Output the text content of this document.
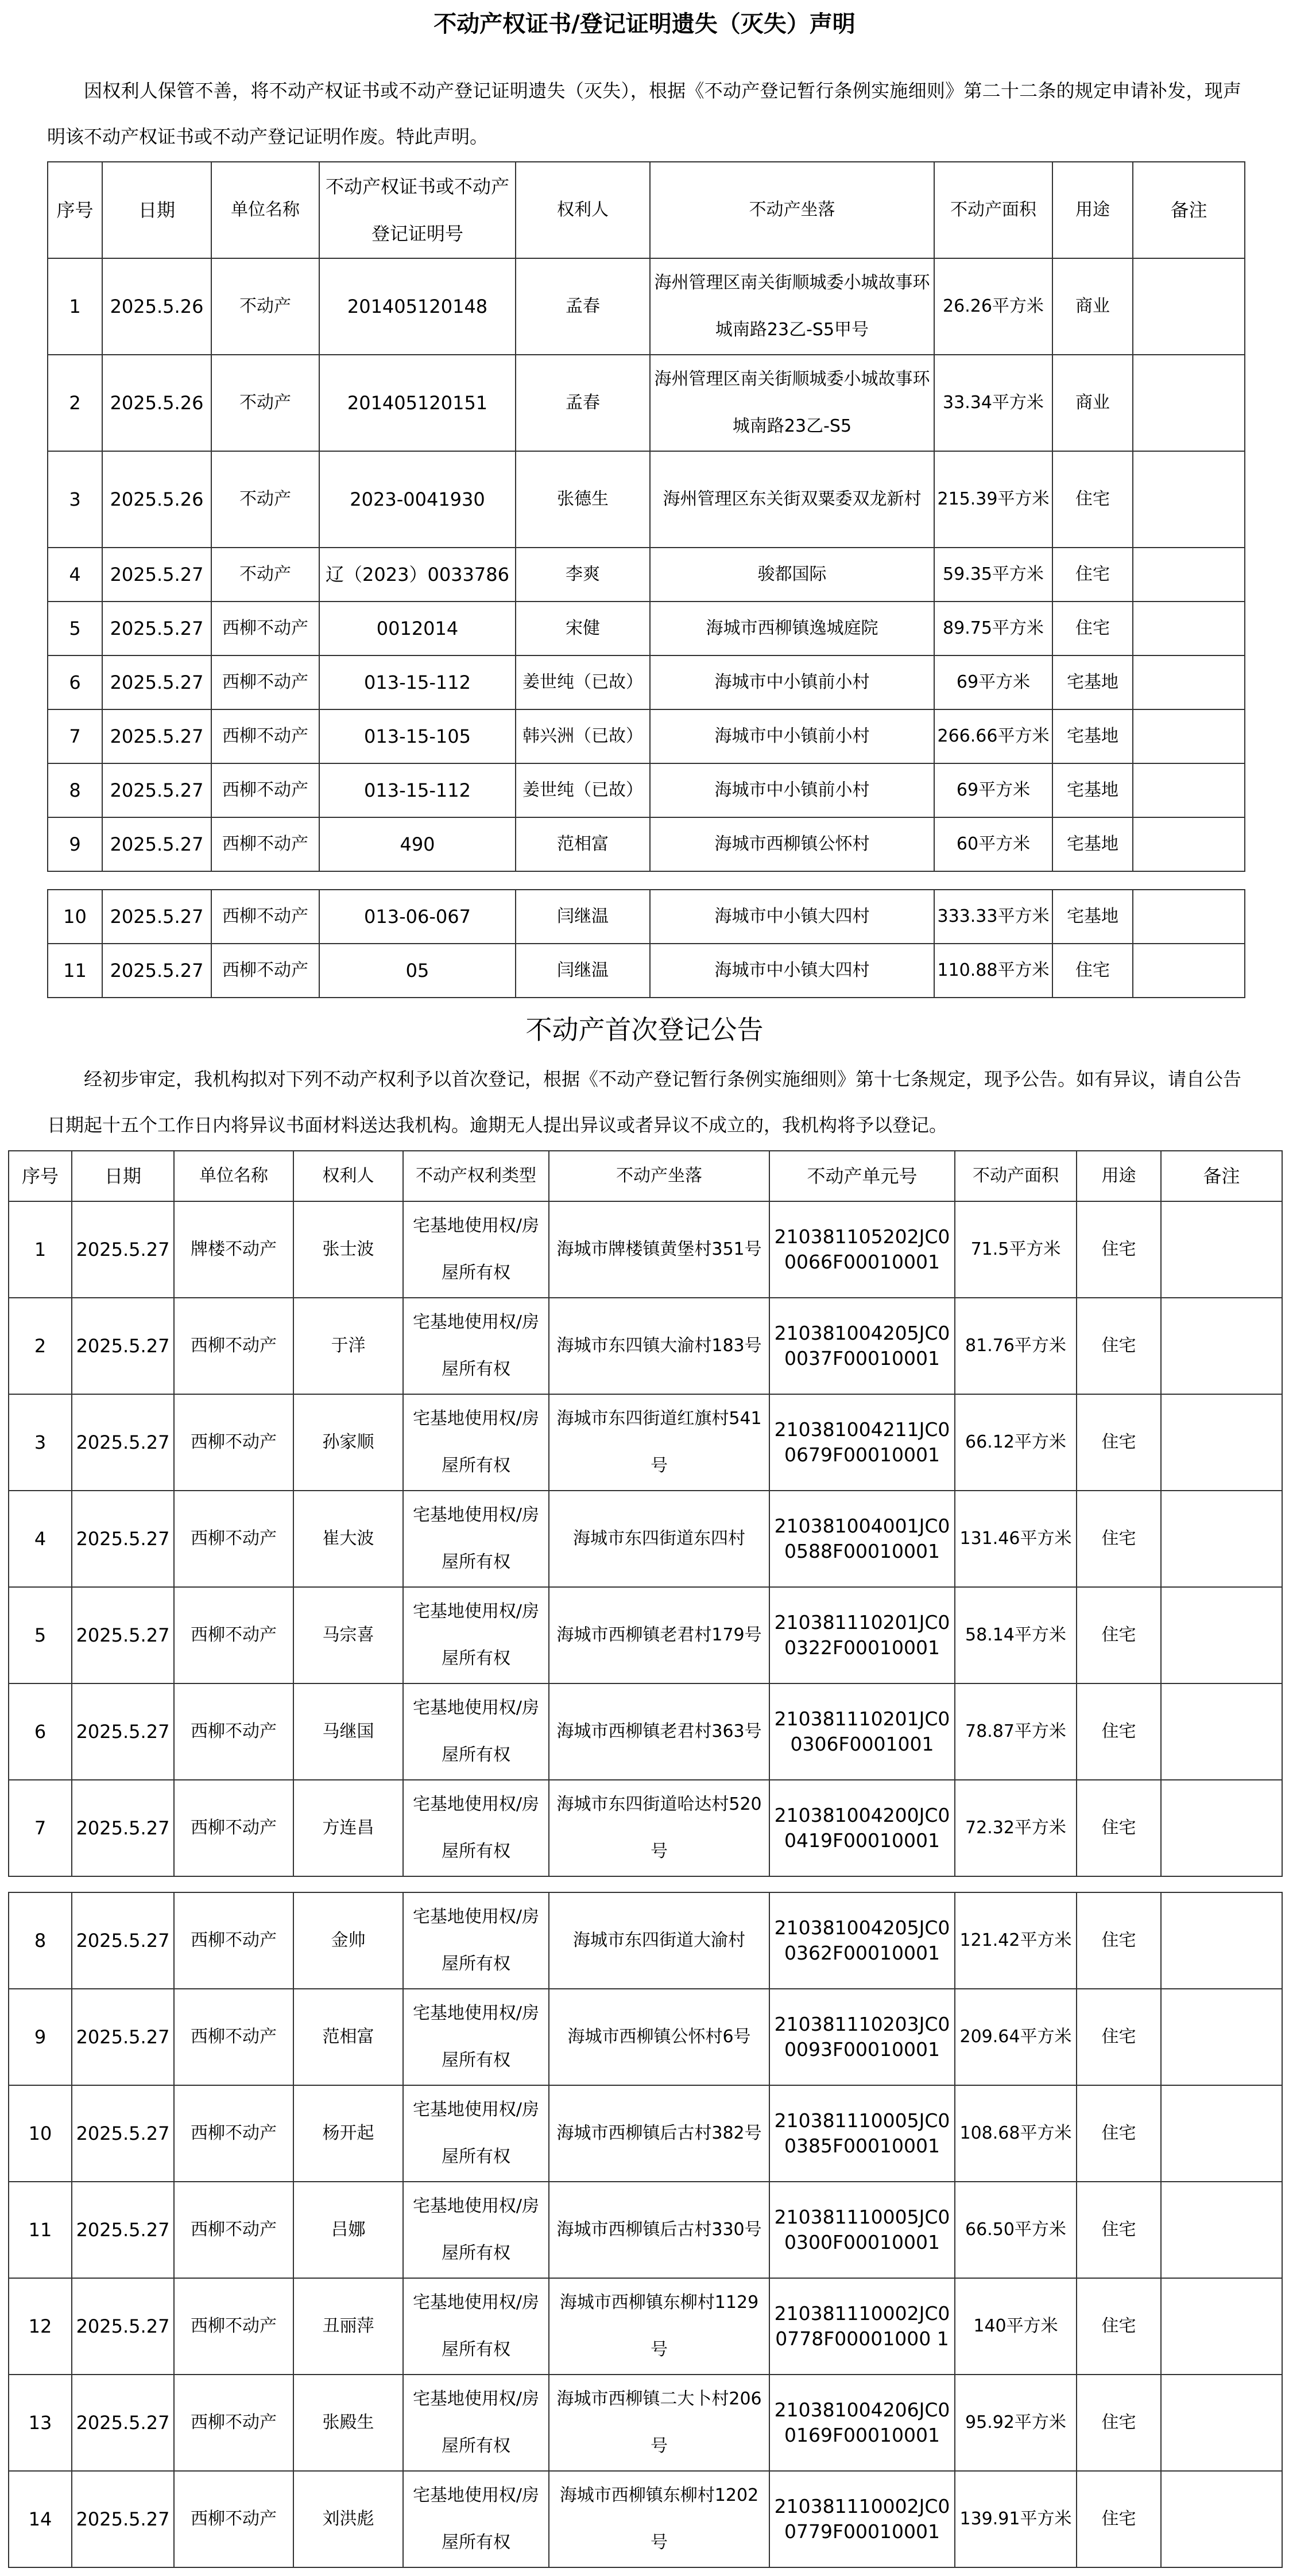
不动产权证书/登记证明遗失（灭失）声明
因权利人保管不善，将不动产权证书或不动产登记证明遗失（灭失），根据《不动产登记暂行条例实施细则》第二十二条的规定申请补发，现声明该不动产权证书或不动产登记证明作废。特此声明。
序号	日期	单位名称	不动产权证书或不动产登记证明号	权利人	不动产坐落	不动产面积	用途	备注
1	2025.5.26	不动产	201405120148	孟春	海州管理区南关街顺城委小城故事环城南路23乙-S5甲号	26.26平方米	商业	
2	2025.5.26	不动产	201405120151	孟春	海州管理区南关街顺城委小城故事环城南路23乙-S5	33.34平方米	商业	
3	2025.5.26	不动产	2023-0041930	张德生	海州管理区东关街双粟委双龙新村	215.39平方米	住宅	
4	2025.5.27	不动产	辽（2023）0033786	李爽	骏都国际	59.35平方米	住宅	
5	2025.5.27	西柳不动产	0012014	宋健	海城市西柳镇逸城庭院	89.75平方米	住宅	
6	2025.5.27	西柳不动产	013-15-112	姜世纯（已故）	海城市中小镇前小村	69平方米	宅基地	
7	2025.5.27	西柳不动产	013-15-105	韩兴洲（已故）	海城市中小镇前小村	266.66平方米	宅基地	
8	2025.5.27	西柳不动产	013-15-112	姜世纯（已故）	海城市中小镇前小村	69平方米	宅基地	
9	2025.5.27	西柳不动产	490	范相富	海城市西柳镇公怀村	60平方米	宅基地	
10	2025.5.27	西柳不动产	013-06-067	闫继温	海城市中小镇大四村	333.33平方米	宅基地	
11	2025.5.27	西柳不动产	05	闫继温	海城市中小镇大四村	110.88平方米	住宅	
不动产首次登记公告
经初步审定，我机构拟对下列不动产权利予以首次登记，根据《不动产登记暂行条例实施细则》第十七条规定，现予公告。如有异议，请自公告日期起十五个工作日内将异议书面材料送达我机构。逾期无人提出异议或者异议不成立的，我机构将予以登记。
序号	日期	单位名称	权利人	不动产权利类型	不动产坐落	不动产单元号	不动产面积	用途	备注
1	2025.5.27	牌楼不动产	张士波	宅基地使用权/房屋所有权	海城市牌楼镇黄堡村351号	210381105202JC00066F00010001	71.5平方米	住宅	
2	2025.5.27	西柳不动产	于洋	宅基地使用权/房屋所有权	海城市东四镇大渝村183号	210381004205JC00037F00010001	81.76平方米	住宅	
3	2025.5.27	西柳不动产	孙家顺	宅基地使用权/房屋所有权	海城市东四街道红旗村541号	210381004211JC00679F00010001	66.12平方米	住宅	
4	2025.5.27	西柳不动产	崔大波	宅基地使用权/房屋所有权	海城市东四街道东四村	210381004001JC00588F00010001	131.46平方米	住宅	
5	2025.5.27	西柳不动产	马宗喜	宅基地使用权/房屋所有权	海城市西柳镇老君村179号	210381110201JC00322F00010001	58.14平方米	住宅	
6	2025.5.27	西柳不动产	马继国	宅基地使用权/房屋所有权	海城市西柳镇老君村363号	210381110201JC00306F0001001	78.87平方米	住宅	
7	2025.5.27	西柳不动产	方连昌	宅基地使用权/房屋所有权	海城市东四街道哈达村520号	210381004200JC00419F00010001	72.32平方米	住宅	
8	2025.5.27	西柳不动产	金帅	宅基地使用权/房屋所有权	海城市东四街道大渝村	210381004205JC00362F00010001	121.42平方米	住宅	
9	2025.5.27	西柳不动产	范相富	宅基地使用权/房屋所有权	海城市西柳镇公怀村6号	210381110203JC00093F00010001	209.64平方米	住宅	
10	2025.5.27	西柳不动产	杨开起	宅基地使用权/房屋所有权	海城市西柳镇后古村382号	210381110005JC00385F00010001	108.68平方米	住宅	
11	2025.5.27	西柳不动产	吕娜	宅基地使用权/房屋所有权	海城市西柳镇后古村330号	210381110005JC00300F00010001	66.50平方米	住宅	
12	2025.5.27	西柳不动产	丑丽萍	宅基地使用权/房屋所有权	海城市西柳镇东柳村1129号	210381110002JC00778F00001000 1	140平方米	住宅	
13	2025.5.27	西柳不动产	张殿生	宅基地使用权/房屋所有权	海城市西柳镇二大卜村206号	210381004206JC00169F00010001	95.92平方米	住宅	
14	2025.5.27	西柳不动产	刘洪彪	宅基地使用权/房屋所有权	海城市西柳镇东柳村1202号	210381110002JC00779F00010001	139.91平方米	住宅	
